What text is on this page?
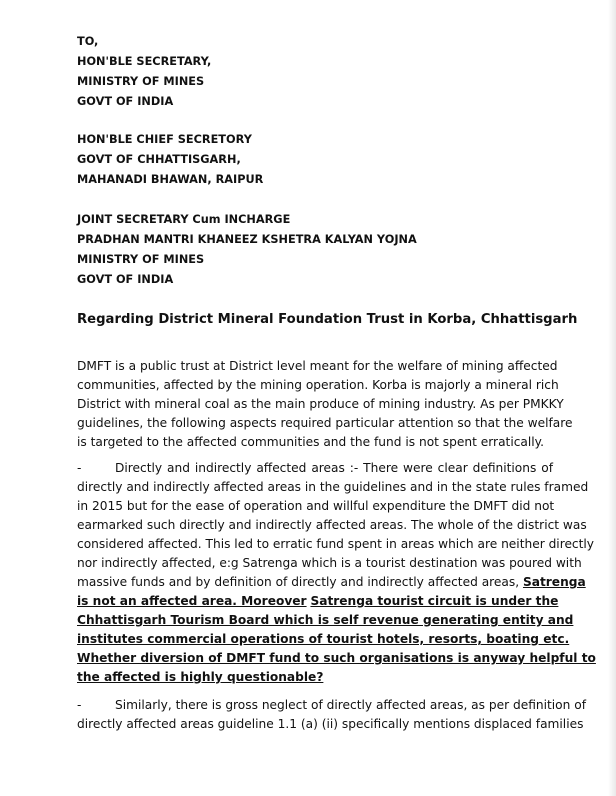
TO,
HON'BLE SECRETARY,
MINISTRY OF MINES
GOVT OF INDIA
HON'BLE CHIEF SECRETORY
GOVT OF CHHATTISGARH,
MAHANADI BHAWAN, RAIPUR
JOINT SECRETARY Cum INCHARGE
PRADHAN MANTRI KHANEEZ KSHETRA KALYAN YOJNA
MINISTRY OF MINES
GOVT OF INDIA
Regarding District Mineral Foundation Trust in Korba, Chhattisgarh
DMFT is a public trust at District level meant for the welfare of mining affected
communities, affected by the mining operation. Korba is majorly a mineral rich
District with mineral coal as the main produce of mining industry. As per PMKKY
guidelines, the following aspects required particular attention so that the welfare
is targeted to the affected communities and the fund is not spent erratically.
-	Directly and indirectly affected areas :- There were clear definitions of
directly and indirectly affected areas in the guidelines and in the state rules framed
in 2015 but for the ease of operation and willful expenditure the DMFT did not
earmarked such directly and indirectly affected areas. The whole of the district was
considered affected. This led to erratic fund spent in areas which are neither directly
nor indirectly affected, e:g Satrenga which is a tourist destination was poured with
massive funds and by definition of directly and indirectly affected areas, Satrenga
is not an affected area. Moreover Satrenga tourist circuit is under the
Chhattisgarh Tourism Board which is self revenue generating entity and
institutes commercial operations of tourist hotels, resorts, boating etc.
Whether diversion of DMFT fund to such organisations is anyway helpful to
the affected is highly questionable?
-	Similarly, there is gross neglect of directly affected areas, as per definition of
directly affected areas guideline 1.1 (a) (ii) specifically mentions displaced families
